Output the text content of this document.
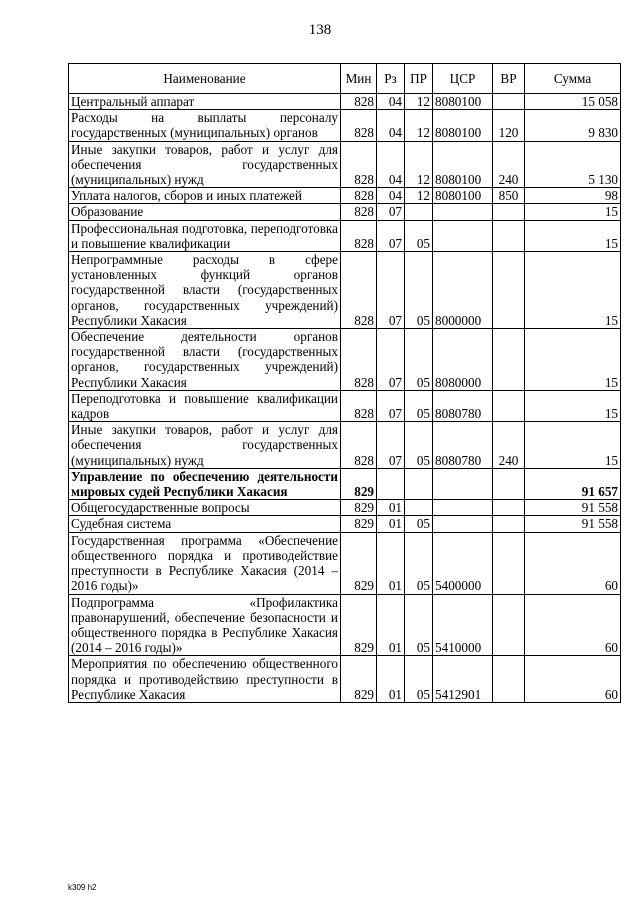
138
Наименование	Мин	Рз	ПР	ЦСР	ВР	Сумма
Центральный аппарат	828	04	12	8080100		15 058
Расходы на выплаты персоналу государственных (муниципальных) органов	828	04	12	8080100	120	9 830
Иные закупки товаров, работ и услуг для обеспечения государственных (муниципальных) нужд	828	04	12	8080100	240	5 130
Уплата налогов, сборов и иных платежей	828	04	12	8080100	850	98
Образование	828	07				15
Профессиональная подготовка, переподготовка и повышение квалификации	828	07	05			15
Непрограммные расходы в сфере установленных функций органов государственной власти (государственных органов, государственных учреждений) Республики Хакасия	828	07	05	8000000		15
Обеспечение деятельности органов государственной власти (государственных органов, государственных учреждений) Республики Хакасия	828	07	05	8080000		15
Переподготовка и повышение квалификации кадров	828	07	05	8080780		15
Иные закупки товаров, работ и услуг для обеспечения государственных (муниципальных) нужд	828	07	05	8080780	240	15
Управление по обеспечению деятельности мировых судей Республики Хакасия	829					91 657
Общегосударственные вопросы	829	01				91 558
Судебная система	829	01	05			91 558
Государственная программа «Обеспечение общественного порядка и противодействие преступности в Республике Хакасия (2014 – 2016 годы)»	829	01	05	5400000		60
Подпрограмма «Профилактика правонарушений, обеспечение безопасности и общественного порядка в Республике Хакасия (2014 – 2016 годы)»	829	01	05	5410000		60
Мероприятия по обеспечению общественного порядка и противодействию преступности в Республике Хакасия	829	01	05	5412901		60
k309 h2
